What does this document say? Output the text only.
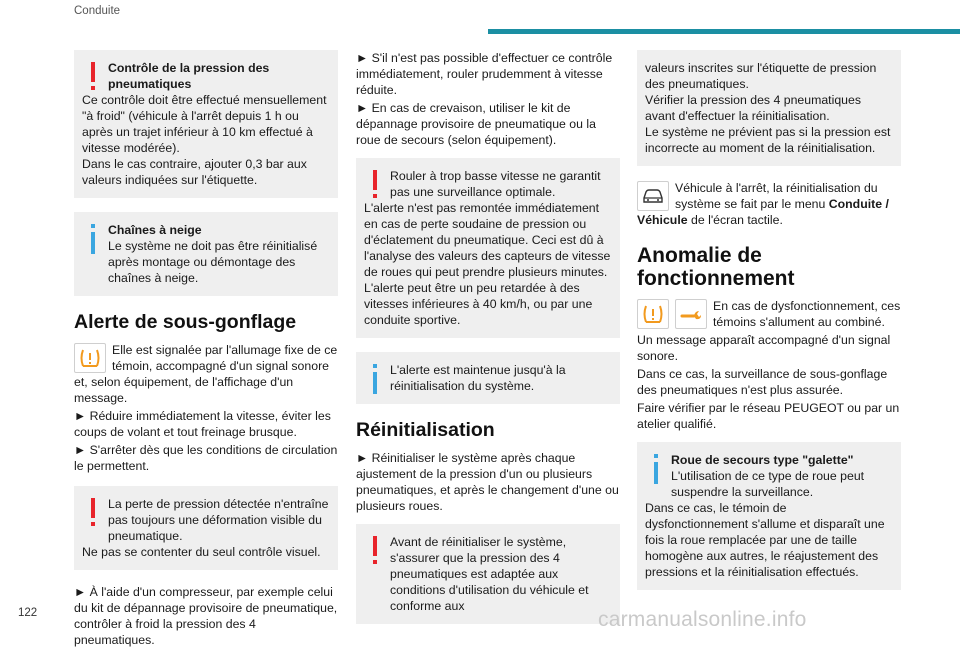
Conduite

Contrôle de la pression des pneumatiques

Ce contrôle doit être effectué mensuellement "à froid" (véhicule à l'arrêt depuis 1 h ou après un trajet inférieur à 10 km effectué à vitesse modérée).

Dans le cas contraire, ajouter 0,3 bar aux valeurs indiquées sur l'étiquette.

Chaînes à neige

Le système ne doit pas être réinitialisé après montage ou démontage des chaînes à neige.

Alerte de sous-gonflage

Elle est signalée par l'allumage fixe de ce témoin, accompagné d'un signal sonore et, selon équipement, de l'affichage d'un message.

► Réduire immédiatement la vitesse, éviter les coups de volant et tout freinage brusque.

► S'arrêter dès que les conditions de circulation le permettent.

La perte de pression détectée n'entraîne pas toujours une déformation visible du pneumatique.

Ne pas se contenter du seul contrôle visuel.

► À l'aide d'un compresseur, par exemple celui du kit de dépannage provisoire de pneumatique, contrôler à froid la pression des 4 pneumatiques.

► S'il n'est pas possible d'effectuer ce contrôle immédiatement, rouler prudemment à vitesse réduite.

► En cas de crevaison, utiliser le kit de dépannage provisoire de pneumatique ou la roue de secours (selon équipement).

Rouler à trop basse vitesse ne garantit pas une surveillance optimale.

L'alerte n'est pas remontée immédiatement en cas de perte soudaine de pression ou d'éclatement du pneumatique. Ceci est dû à l'analyse des valeurs des capteurs de vitesse de roues qui peut prendre plusieurs minutes.

L'alerte peut être un peu retardée à des vitesses inférieures à 40 km/h, ou par une conduite sportive.

L'alerte est maintenue jusqu'à la réinitialisation du système.

Réinitialisation

► Réinitialiser le système après chaque ajustement de la pression d'un ou plusieurs pneumatiques, et après le changement d'une ou plusieurs roues.

Avant de réinitialiser le système, s'assurer que la pression des 4 pneumatiques est adaptée aux conditions d'utilisation du véhicule et conforme aux

valeurs inscrites sur l'étiquette de pression des pneumatiques.

Vérifier la pression des 4 pneumatiques avant d'effectuer la réinitialisation.

Le système ne prévient pas si la pression est incorrecte au moment de la réinitialisation.

Véhicule à l'arrêt, la réinitialisation du système se fait par le menu Conduite / Véhicule de l'écran tactile.

Anomalie de fonctionnement

En cas de dysfonctionnement, ces témoins s'allument au combiné.

Un message apparaît accompagné d'un signal sonore.

Dans ce cas, la surveillance de sous-gonflage des pneumatiques n'est plus assurée.

Faire vérifier par le réseau PEUGEOT ou par un atelier qualifié.

Roue de secours type "galette"

L'utilisation de ce type de roue peut suspendre la surveillance.

Dans ce cas, le témoin de dysfonctionnement s'allume et disparaît une fois la roue remplacée par une de taille homogène aux autres, le réajustement des pressions et la réinitialisation effectués.

122	carmanualsonline.info
